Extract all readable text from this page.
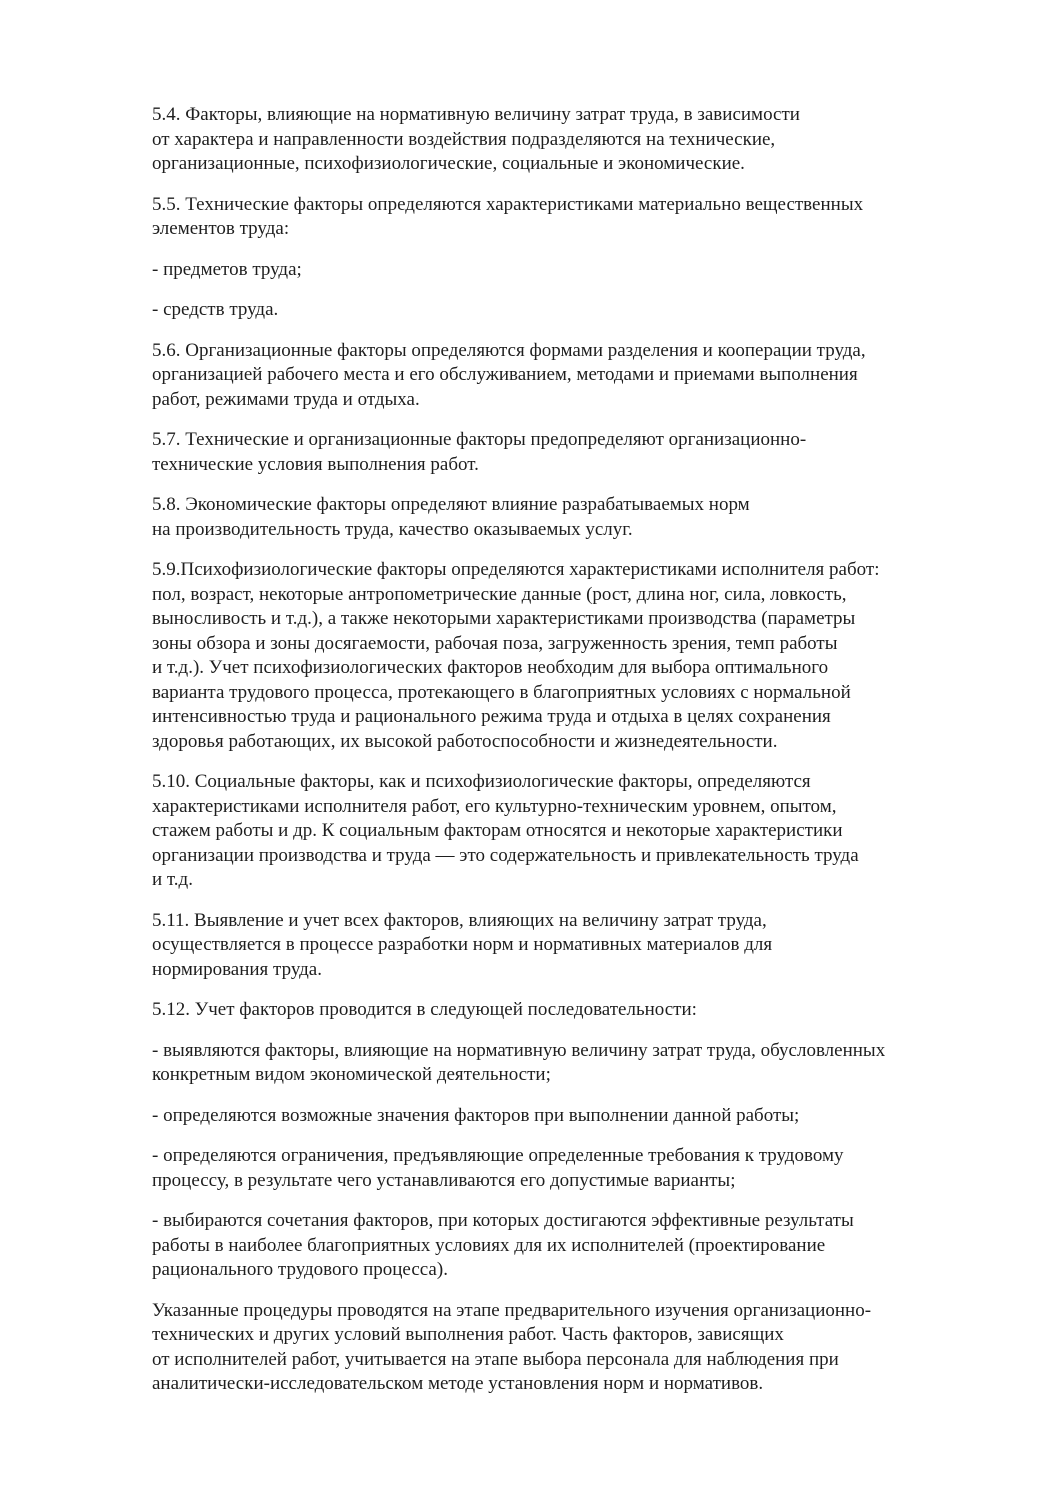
5.4. Факторы, влияющие на нормативную величину затрат труда, в зависимости
от характера и направленности воздействия подразделяются на технические,
организационные, психофизиологические, социальные и экономические.

5.5. Технические факторы определяются характеристиками материально вещественных
элементов труда:

- предметов труда;

- средств труда.

5.6. Организационные факторы определяются формами разделения и кооперации труда,
организацией рабочего места и его обслуживанием, методами и приемами выполнения
работ, режимами труда и отдыха.

5.7. Технические и организационные факторы предопределяют организационно-
технические условия выполнения работ.

5.8. Экономические факторы определяют влияние разрабатываемых норм
на производительность труда, качество оказываемых услуг.

5.9.Психофизиологические факторы определяются характеристиками исполнителя работ:
пол, возраст, некоторые антропометрические данные (рост, длина ног, сила, ловкость,
выносливость и т.д.), а также некоторыми характеристиками производства (параметры
зоны обзора и зоны досягаемости, рабочая поза, загруженность зрения, темп работы
и т.д.). Учет психофизиологических факторов необходим для выбора оптимального
варианта трудового процесса, протекающего в благоприятных условиях с нормальной
интенсивностью труда и рационального режима труда и отдыха в целях сохранения
здоровья работающих, их высокой работоспособности и жизнедеятельности.

5.10. Социальные факторы, как и психофизиологические факторы, определяются
характеристиками исполнителя работ, его культурно-техническим уровнем, опытом,
стажем работы и др. К социальным факторам относятся и некоторые характеристики
организации производства и труда — это содержательность и привлекательность труда
и т.д.

5.11. Выявление и учет всех факторов, влияющих на величину затрат труда,
осуществляется в процессе разработки норм и нормативных материалов для
нормирования труда.

5.12. Учет факторов проводится в следующей последовательности:

- выявляются факторы, влияющие на нормативную величину затрат труда, обусловленных
конкретным видом экономической деятельности;

- определяются возможные значения факторов при выполнении данной работы;

- определяются ограничения, предъявляющие определенные требования к трудовому
процессу, в результате чего устанавливаются его допустимые варианты;

- выбираются сочетания факторов, при которых достигаются эффективные результаты
работы в наиболее благоприятных условиях для их исполнителей (проектирование
рационального трудового процесса).

Указанные процедуры проводятся на этапе предварительного изучения организационно-
технических и других условий выполнения работ. Часть факторов, зависящих
от исполнителей работ, учитывается на этапе выбора персонала для наблюдения при
аналитически-исследовательском методе установления норм и нормативов.
